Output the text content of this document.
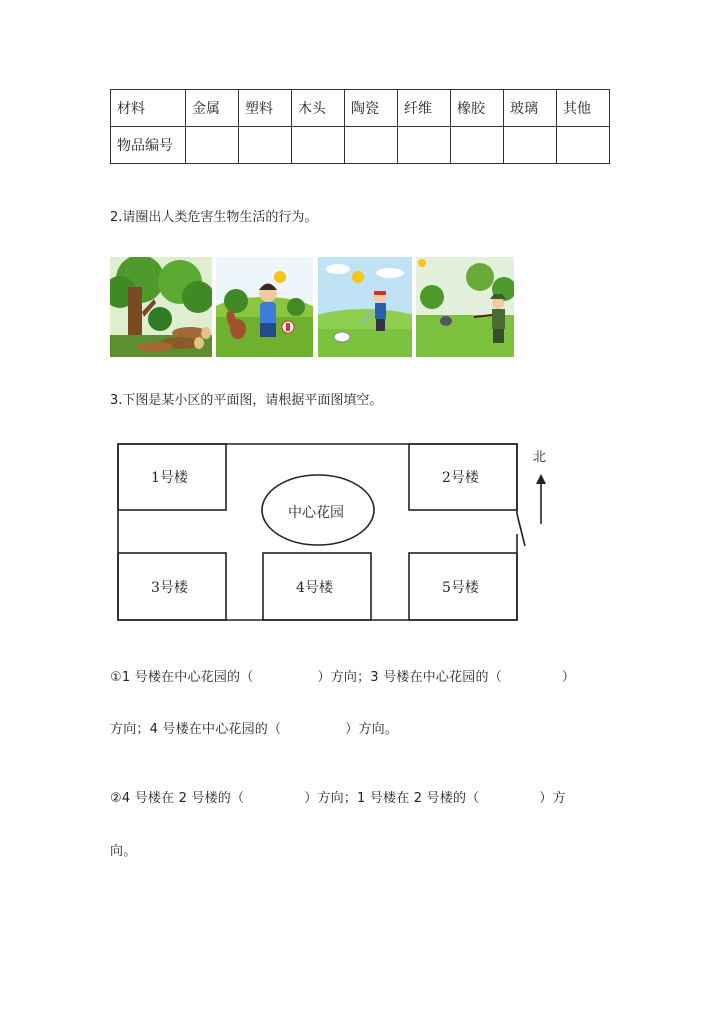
材料	金属	塑料	木头	陶瓷	纤维	橡胶	玻璃	其他
物品编号								
2.请圈出人类危害生物生活的行为。
3.下图是某小区的平面图，请根据平面图填空。
1号楼	2号楼
3号楼	4号楼	5号楼
中心花园
北
①1 号楼在中心花园的（	）方向；3 号楼在中心花园的（	）
方向；4 号楼在中心花园的（	）方向。
②4 号楼在 2 号楼的（	）方向；1 号楼在 2 号楼的（	）方
向。
